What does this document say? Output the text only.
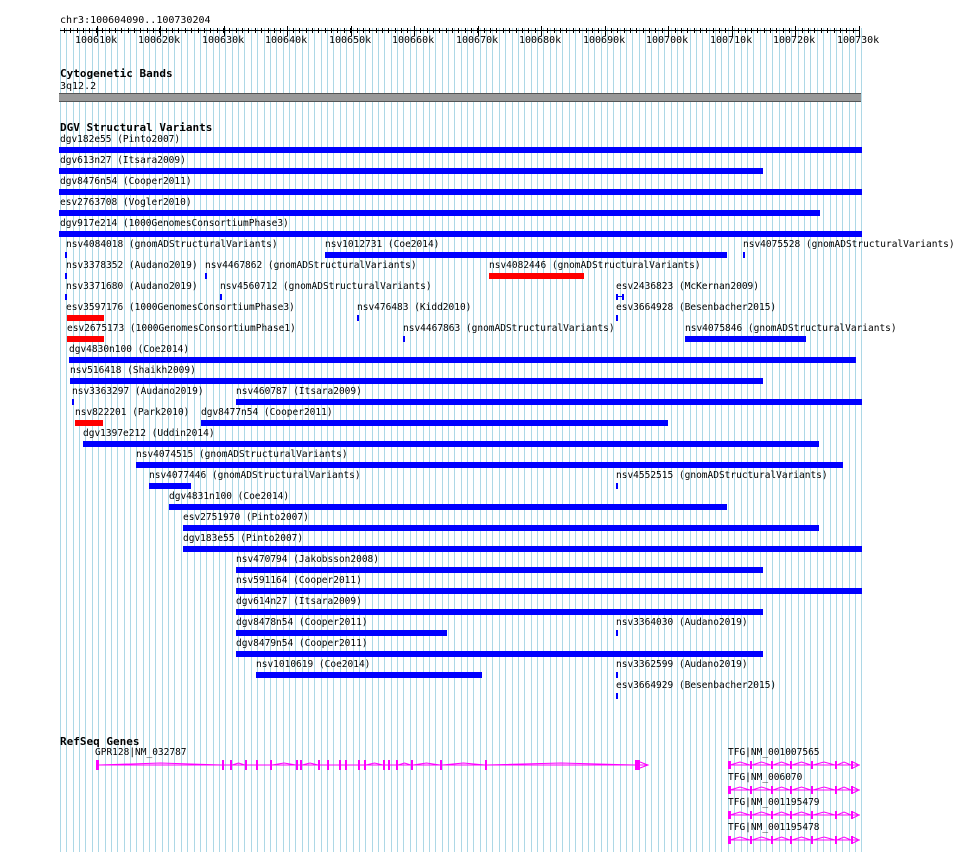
chr3:100604090..100730204
100610k 100620k 100630k 100640k 100650k 100660k 100670k 100680k 100690k 100700k 100710k 100720k 100730k
Cytogenetic Bands
3q12.2
DGV Structural Variants
dgv182e55 (Pinto2007)
dgv613n27 (Itsara2009)
dgv8476n54 (Cooper2011)
esv2763708 (Vogler2010)
dgv917e214 (1000GenomesConsortiumPhase3)
nsv4084018 (gnomADStructuralVariants)	nsv1012731 (Coe2014)	nsv4075528 (gnomADStructuralVariants)
nsv3378352 (Audano2019) nsv4467862 (gnomADStructuralVariants)	nsv4082446 (gnomADStructuralVariants)
nsv3371680 (Audano2019) nsv4560712 (gnomADStructuralVariants)	esv2436823 (McKernan2009)
esv3597176 (1000GenomesConsortiumPhase3)	nsv476483 (Kidd2010)	esv3664928 (Besenbacher2015)
esv2675173 (1000GenomesConsortiumPhase1)	nsv4467863 (gnomADStructuralVariants)	nsv4075846 (gnomADStructuralVariants)
dgv4830n100 (Coe2014)
nsv516418 (Shaikh2009)
nsv3363297 (Audano2019)	nsv460787 (Itsara2009)
nsv822201 (Park2010) dgv8477n54 (Cooper2011)
dgv1397e212 (Uddin2014)
nsv4074515 (gnomADStructuralVariants)
nsv4077446 (gnomADStructuralVariants)	nsv4552515 (gnomADStructuralVariants)
dgv4831n100 (Coe2014)
esv2751970 (Pinto2007)
dgv183e55 (Pinto2007)
nsv470794 (Jakobsson2008)
nsv591164 (Cooper2011)
dgv614n27 (Itsara2009)
dgv8478n54 (Cooper2011)	nsv3364030 (Audano2019)
dgv8479n54 (Cooper2011)
nsv1010619 (Coe2014)	nsv3362599 (Audano2019)
esv3664929 (Besenbacher2015)
RefSeq Genes
GPR128|NM_032787	TFG|NM_001007565
TFG|NM_006070
TFG|NM_001195479
TFG|NM_001195478
